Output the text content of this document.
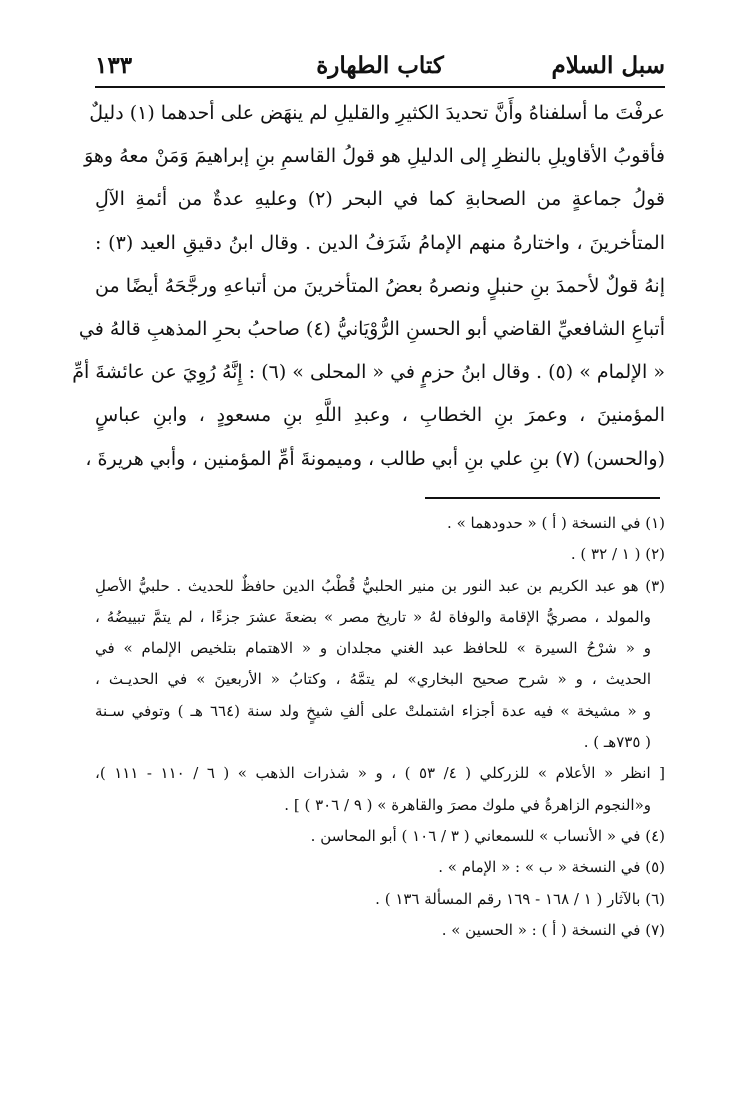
سبل السلام
كتاب الطهارة
١٣٣
عرفْتَ ما أسلفناهُ وأَنَّ تحديدَ الكثيرِ والقليلِ لم ينهَض على أحدهما (١) دليلٌ
فأقوبُ الأقاويلِ بالنظرِ إلى الدليلِ هو قولُ القاسمِ بنِ إبراهيمَ وَمَنْ معهُ وهوَ
قولُ جماعةٍ من الصحابةِ كما في البحر (٢) وعليهِ عدةٌ من أئمةِ الآلِ
المتأخرينَ ، واختارهُ منهم الإمامُ شَرَفُ الدين . وقال ابنُ دقيقِ العيد (٣) :
إنهُ قولٌ لأحمدَ بنِ حنبلٍ ونصرهُ بعضُ المتأخرينَ من أتباعهِ ورجَّحَهُ أيضًا من
أتباعِ الشافعيِّ القاضي أبو الحسنِ الرُّوْيَانيُّ (٤) صاحبُ بحرِ المذهبِ قالهُ في
« الإلمام » (٥) . وقال ابنُ حزمٍ في « المحلى » (٦) : إِنَّهُ رُوِيَ عن عائشةَ أمِّ
المؤمنينَ ، وعمرَ بنِ الخطابِ ، وعبدِ اللَّهِ بنِ مسعودٍ ، وابنِ عباسٍ
(والحسن) (٧) بنِ علي بنِ أبي طالب ، وميمونةَ أمِّ المؤمنين ، وأبي هريرةَ ،
(١) في النسخة ( أ ) « حدودهما » .
(٢) ( ١ / ٣٢ ) .
(٣) هو عبد الكريم بن عبد النور بن منير الحلبيُّ قُطْبُ الدين حافظٌ للحديث . حلبيُّ الأصلِ
والمولد ، مصريُّ الإقامة والوفاة لهُ « تاريخ مصر » بضعةَ عشرَ جزءًا ، لم يتمَّ تبييضُهُ ،
و « شرْحُ السيرة » للحافظ عبد الغني مجلدان و « الاهتمام بتلخيص الإلمام » في
الحديث ، و « شرح صحيح البخاري» لم يتمَّهُ ، وكتابُ « الأربعينَ » في الحديـث ،
و « مشيخة » فيه عدة أجزاء اشتملتْ على ألفِ شيخٍ ولد سنة (٦٦٤ هـ ) وتوفي سـنة
( ٧٣٥هـ ) .
[ انظر « الأعلام » للزركلي ( ٤/ ٥٣ ) ، و « شذرات الذهب » ( ٦ / ١١٠ - ١١١ )،
و«النجوم الزاهرةُ في ملوك مصرَ والقاهرة » ( ٩ / ٣٠٦ ) ] .
(٤) في « الأنساب » للسمعاني ( ٣ / ١٠٦ ) أبو المحاسن .
(٥) في النسخة « ب » : « الإمام » .
(٦) بالآثار ( ١ / ١٦٨ - ١٦٩ رقم المسألة ١٣٦ ) .
(٧) في النسخة ( أ ) : « الحسين » .
